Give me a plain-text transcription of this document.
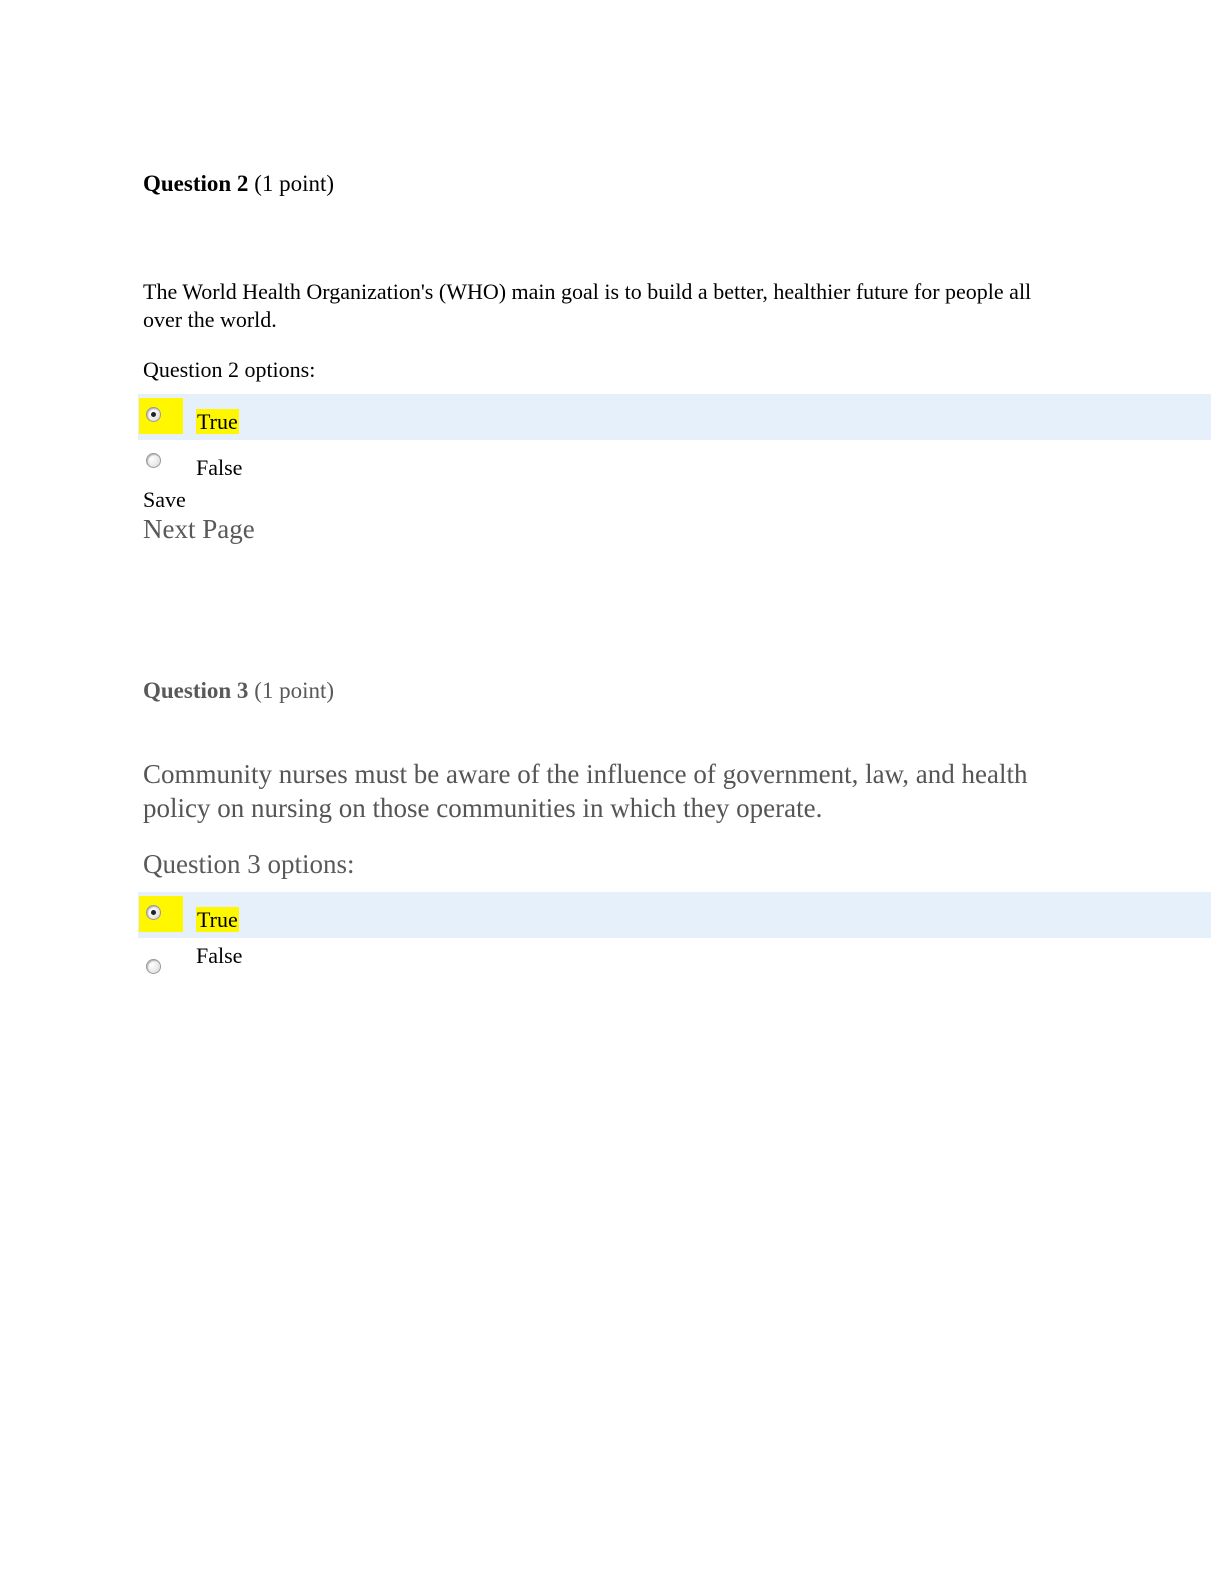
Question 2 (1 point)
The World Health Organization's (WHO) main goal is to build a better, healthier future for people all over the world.
Question 2 options:
True
False
Save
Next Page
Question 3 (1 point)
Community nurses must be aware of the influence of government, law, and health policy on nursing on those communities in which they operate.
Question 3 options:
True
False
